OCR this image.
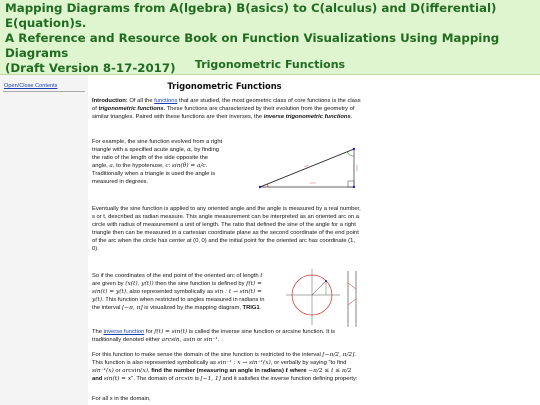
Mapping Diagrams from A(lgebra) B(asics) to C(alculus) and D(ifferential) E(quation)s.
A Reference and Resource Book on Function Visualizations Using Mapping Diagrams
(Draft Version 8-17-2017)	Trigonometric Functions
Open/Close Contents	Trigonometric Functions
Introduction: Of all the functions that are studied, the most geometric class of core functions is the class of trigonometric functions. These functions are characterized by their evolution from the geometry of similar triangles. Paired with these functions are their inverses, the inverse trigonometric functions.
For example, the sine function evolved from a right triangle with a specified acute angle, α, by finding the ratio of the length of the side opposite the angle, a, to the hypotenuse, c: sin(θ) = a/c. Traditionally when a triangle is used the angle is measured in degrees.
Eventually the sine function is applied to any oriented angle and the angle is measured by a real number, s or t, described as radian measure. This angle measurement can be interpreted as an oriented arc on a circle with radius of measurement a unit of length. The ratio that defined the sine of the angle for a right triangle then can be measured in a cartesian coordinate plane as the second coordinate of the end point of the arc when the circle has center at (0, 0) and the initial point for the oriented arc has coordinate (1, 0).
So if the coordinates of the end point of the oriented arc of length t are given by (x(t), y(t)) then the sine function is defined by f(t) = sin(t) = y(t), also represented symbolically as sin : t → sin(t) = y(t). This function when restricted to angles measured in radians in the interval [−π, π] is visualized by the mapping diagram, TRIG1.
The inverse function for f(t) = sin(t) is called the inverse sine function or arcsine function. It is traditionally denoted either arcsin, asin or sin⁻¹.
For this function to make sense the domain of the sine function is restricted to the interval [−π/2, π/2]. This function is also represented symbolically as sin⁻¹ : x → sin⁻¹(x), or verbally by saying "to find sin⁻¹(x) or arcsin(x), find the number (measuring an angle in radians) t where −π/2 ≤ t ≤ π/2 and sin(t) = x". The domain of arcsin is [−1, 1] and it satisfies the inverse function defining property:
For all x in the domain,
